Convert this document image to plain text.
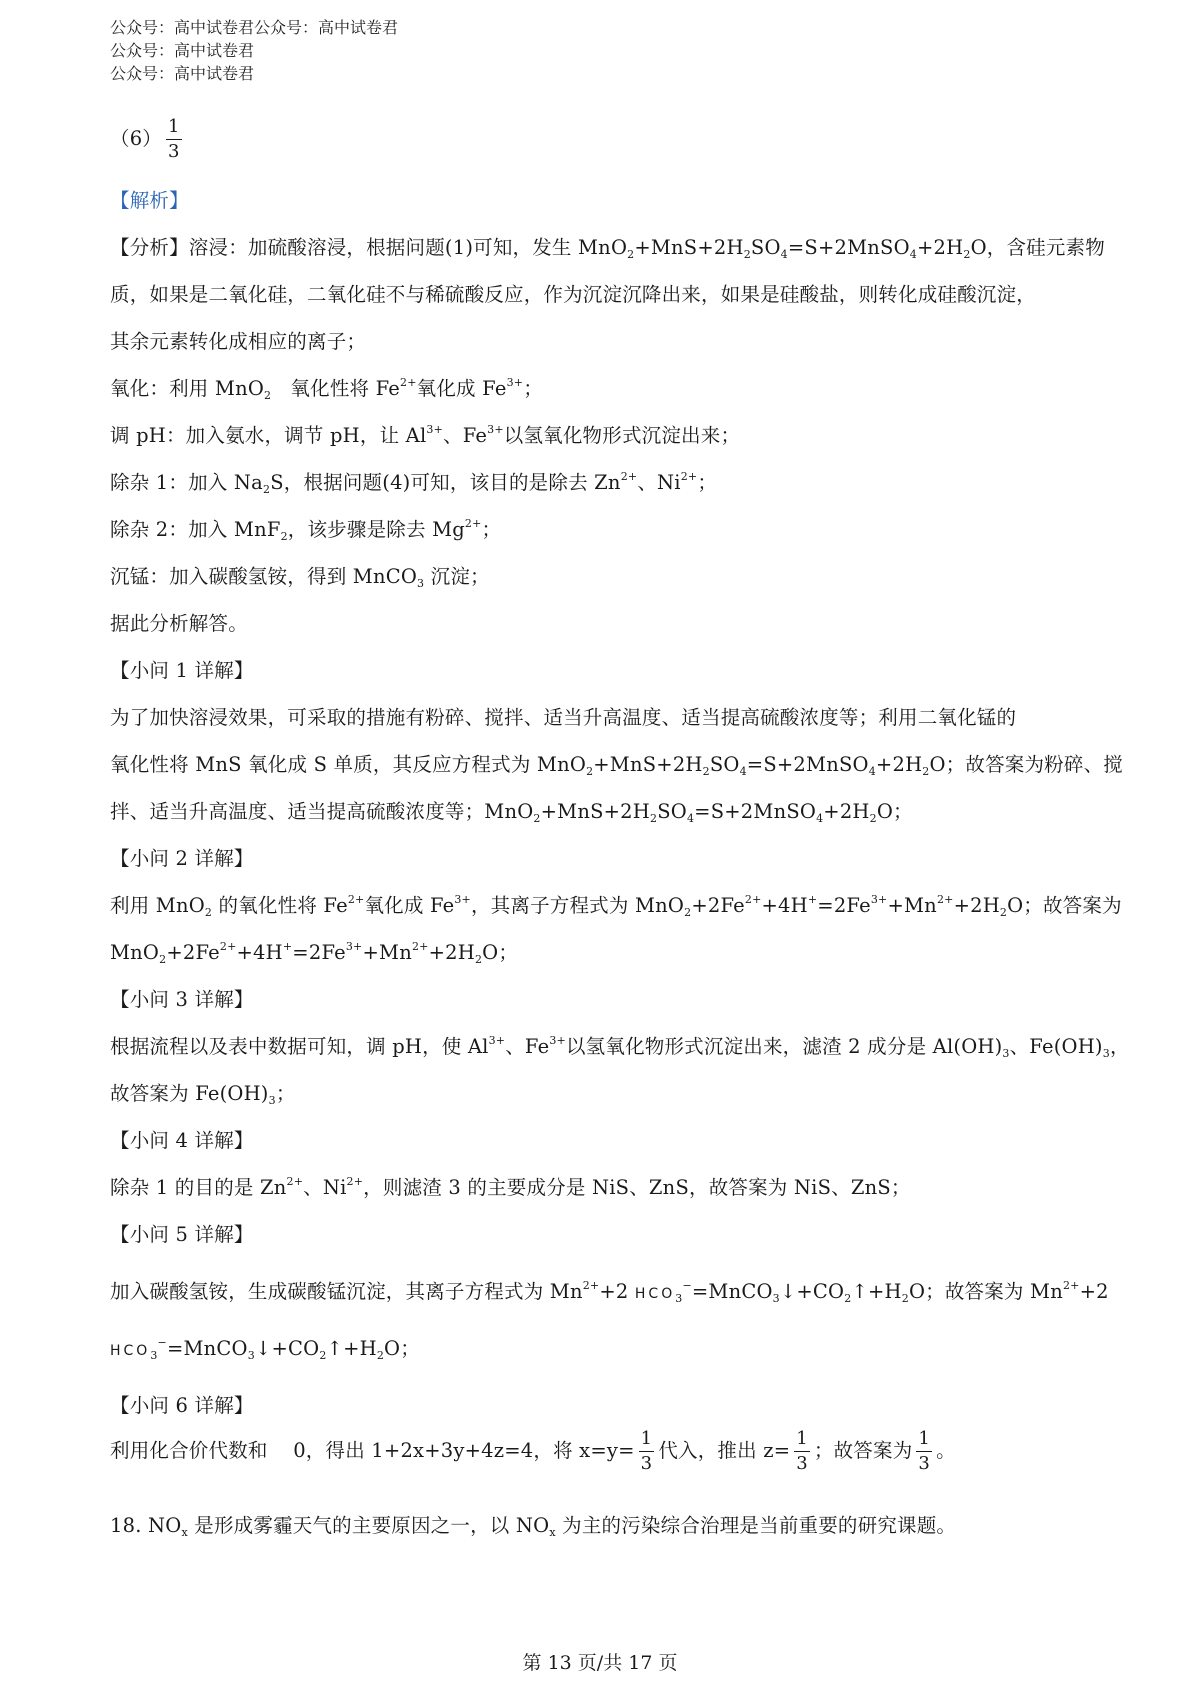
公众号：高中试卷君公众号：高中试卷君
公众号：高中试卷君
公众号：高中试卷君
$(6) \frac{1}{3}$
【解析】
【分析】溶浸：加硫酸溶浸，根据问题(1)可知，发生 $MnO_2+MnS+2H_2SO_4=S+2MnSO_4+2H_2O$，含硅元素物
质，如果是二氧化硅，二氧化硅不与稀硫酸反应，作为沉淀沉降出来，如果是硅酸盐，则转化成硅酸沉淀，
其余元素转化成相应的离子；
氧化：利用 MnO$_2$   氧化性将 $Fe^{2+}$氧化成 $Fe^{3+}$；
调 pH：加入氨水，调节 pH，让 $Al^{3+}$、$Fe^{3+}$以氢氧化物形式沉淀出来；
除杂 1：加入 $Na_2S$，根据问题(4)可知，该目的是除去 $Zn^{2+}$、$Ni^{2+}$；
除杂 2：加入 MnF$_2$，该步骤是除去 $Mg^{2+}$；
沉锰：加入碳酸氢铵，得到 MnCO$_3$ 沉淀；
据此分析解答。
【小问 1 详解】
为了加快溶浸效果，可采取的措施有粉碎、搅拌、适当升高温度、适当提高硫酸浓度等；利用二氧化锰的
氧化性将 MnS 氧化成 S 单质，其反应方程式为 $MnO_2+MnS+2H_2SO_4=S+2MnSO_4+2H_2O$；故答案为粉碎、搅
拌、适当升高温度、适当提高硫酸浓度等；$MnO_2+MnS+2H_2SO_4=S+2MnSO_4+2H_2O$；
【小问 2 详解】
利用 MnO$_2$ 的氧化性将 $Fe^{2+}$氧化成 $Fe^{3+}$，其离子方程式为 $MnO_2+2Fe^{2+}+4H^+=2Fe^{3+}+Mn^{2+}+2H_2O$；故答案为
$MnO_2+2Fe^{2+}+4H^+=2Fe^{3+}+Mn^{2+}+2H_2O$；
【小问 3 详解】
根据流程以及表中数据可知，调 pH，使 $Al^{3+}$、$Fe^{3+}$以氢氧化物形式沉淀出来，滤渣 2 成分是 $Al(OH)_3$、$Fe(OH)_3$，
故答案为 $Fe(OH)_3$；
【小问 4 详解】
除杂 1 的目的是 $Zn^{2+}$、$Ni^{2+}$，则滤渣 3 的主要成分是 NiS、ZnS，故答案为 NiS、ZnS；
【小问 5 详解】
加入碳酸氢铵，生成碳酸锰沉淀，其离子方程式为 $Mn^{2+}+2$ $HCO_3^-=MnCO_3↓+CO_2↑+H_2O$；故答案为 $Mn^{2+}+2$
$HCO_3^-=MnCO_3↓+CO_2↑+H_2O$；
【小问 6 详解】
利用化合价代数和    0，得出 1+2x+3y+4z=4，将 $x=y= \frac{1}{3}$ 代入，推出 $z= \frac{1}{3}$ ；故答案为 $\frac{1}{3}$ 。
18. $NO_x$ 是形成雾霾天气的主要原因之一，以 $NO_x$ 为主的污染综合治理是当前重要的研究课题。
第 13 页/共 17 页
